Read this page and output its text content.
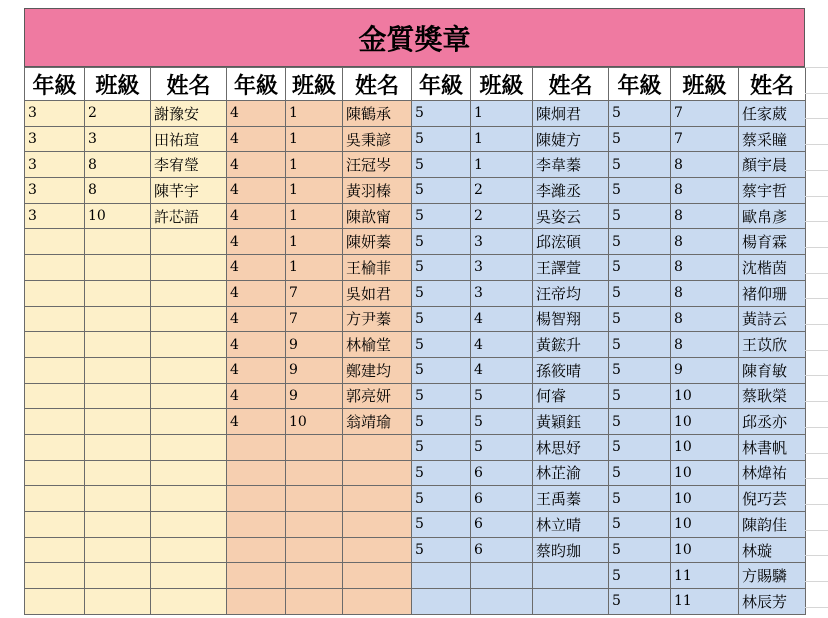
金質獎章
年級	班級	姓名	年級	班級	姓名	年級	班級	姓名	年級	班級	姓名
3	2	謝豫安	4	1	陳鶴承	5	1	陳炯君	5	7	任家葳
3	3	田祐瑄	4	1	吳秉諺	5	1	陳婕方	5	7	蔡采瞳
3	8	李宥瑩	4	1	汪冠岑	5	1	李韋蓁	5	8	顏宇晨
3	8	陳芊宇	4	1	黃羽榛	5	2	李濰丞	5	8	蔡宇哲
3	10	許芯語	4	1	陳歆甯	5	2	吳姿云	5	8	歐帛彥
			4	1	陳妍蓁	5	3	邱浤碩	5	8	楊育霖
			4	1	王榆菲	5	3	王譯萱	5	8	沈楷茵
			4	7	吳如君	5	3	汪帝均	5	8	褚仰珊
			4	7	方尹蓁	5	4	楊智翔	5	8	黃詩云
			4	9	林榆堂	5	4	黃鋐升	5	8	王苡欣
			4	9	鄭建均	5	4	孫筱晴	5	9	陳育敏
			4	9	郭亮妍	5	5	何睿	5	10	蔡耿榮
			4	10	翁靖瑜	5	5	黃穎鈺	5	10	邱丞亦
						5	5	林思妤	5	10	林書帆
						5	6	林芷渝	5	10	林煒祐
						5	6	王禹蓁	5	10	倪巧芸
						5	6	林立晴	5	10	陳韵佳
						5	6	蔡昀珈	5	10	林璇
									5	11	方賜驎
									5	11	林辰芳
